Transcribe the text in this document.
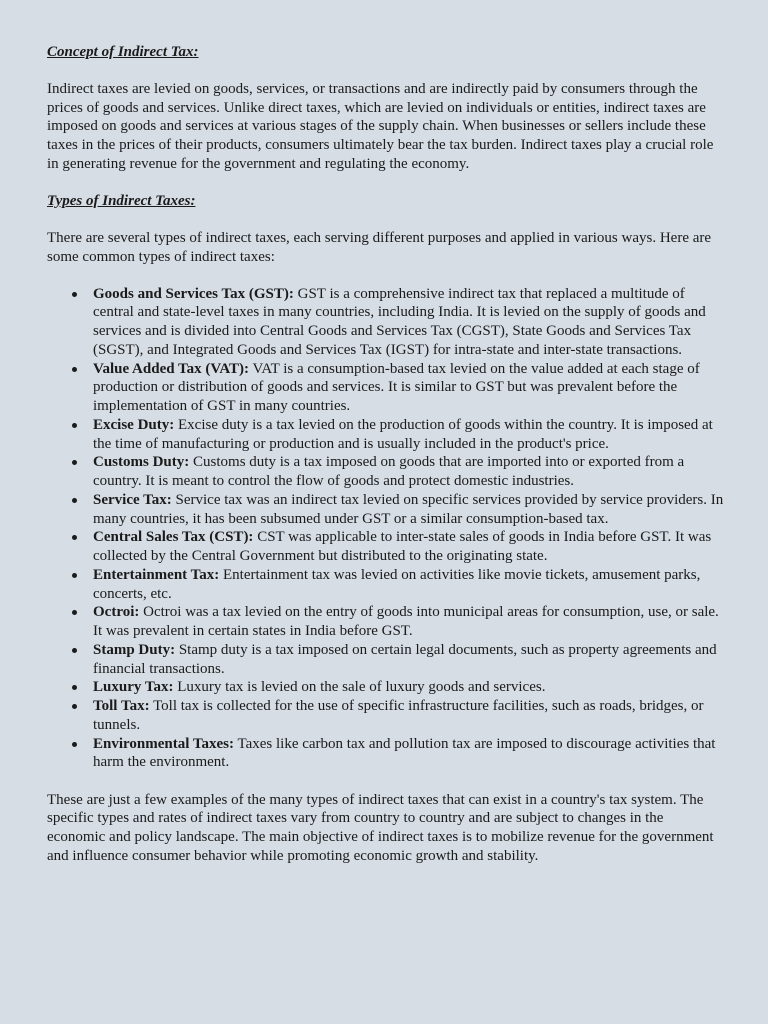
Concept of Indirect Tax:

Indirect taxes are levied on goods, services, or transactions and are indirectly paid by consumers through the prices of goods and services. Unlike direct taxes, which are levied on individuals or entities, indirect taxes are imposed on goods and services at various stages of the supply chain. When businesses or sellers include these taxes in the prices of their products, consumers ultimately bear the tax burden. Indirect taxes play a crucial role in generating revenue for the government and regulating the economy.

Types of Indirect Taxes:

There are several types of indirect taxes, each serving different purposes and applied in various ways. Here are some common types of indirect taxes:

Goods and Services Tax (GST): GST is a comprehensive indirect tax that replaced a multitude of central and state-level taxes in many countries, including India. It is levied on the supply of goods and services and is divided into Central Goods and Services Tax (CGST), State Goods and Services Tax (SGST), and Integrated Goods and Services Tax (IGST) for intra-state and inter-state transactions.
Value Added Tax (VAT): VAT is a consumption-based tax levied on the value added at each stage of production or distribution of goods and services. It is similar to GST but was prevalent before the implementation of GST in many countries.
Excise Duty: Excise duty is a tax levied on the production of goods within the country. It is imposed at the time of manufacturing or production and is usually included in the product's price.
Customs Duty: Customs duty is a tax imposed on goods that are imported into or exported from a country. It is meant to control the flow of goods and protect domestic industries.
Service Tax: Service tax was an indirect tax levied on specific services provided by service providers. In many countries, it has been subsumed under GST or a similar consumption-based tax.
Central Sales Tax (CST): CST was applicable to inter-state sales of goods in India before GST. It was collected by the Central Government but distributed to the originating state.
Entertainment Tax: Entertainment tax was levied on activities like movie tickets, amusement parks, concerts, etc.
Octroi: Octroi was a tax levied on the entry of goods into municipal areas for consumption, use, or sale. It was prevalent in certain states in India before GST.
Stamp Duty: Stamp duty is a tax imposed on certain legal documents, such as property agreements and financial transactions.
Luxury Tax: Luxury tax is levied on the sale of luxury goods and services.
Toll Tax: Toll tax is collected for the use of specific infrastructure facilities, such as roads, bridges, or tunnels.
Environmental Taxes: Taxes like carbon tax and pollution tax are imposed to discourage activities that harm the environment.

These are just a few examples of the many types of indirect taxes that can exist in a country's tax system. The specific types and rates of indirect taxes vary from country to country and are subject to changes in the economic and policy landscape. The main objective of indirect taxes is to mobilize revenue for the government and influence consumer behavior while promoting economic growth and stability.
